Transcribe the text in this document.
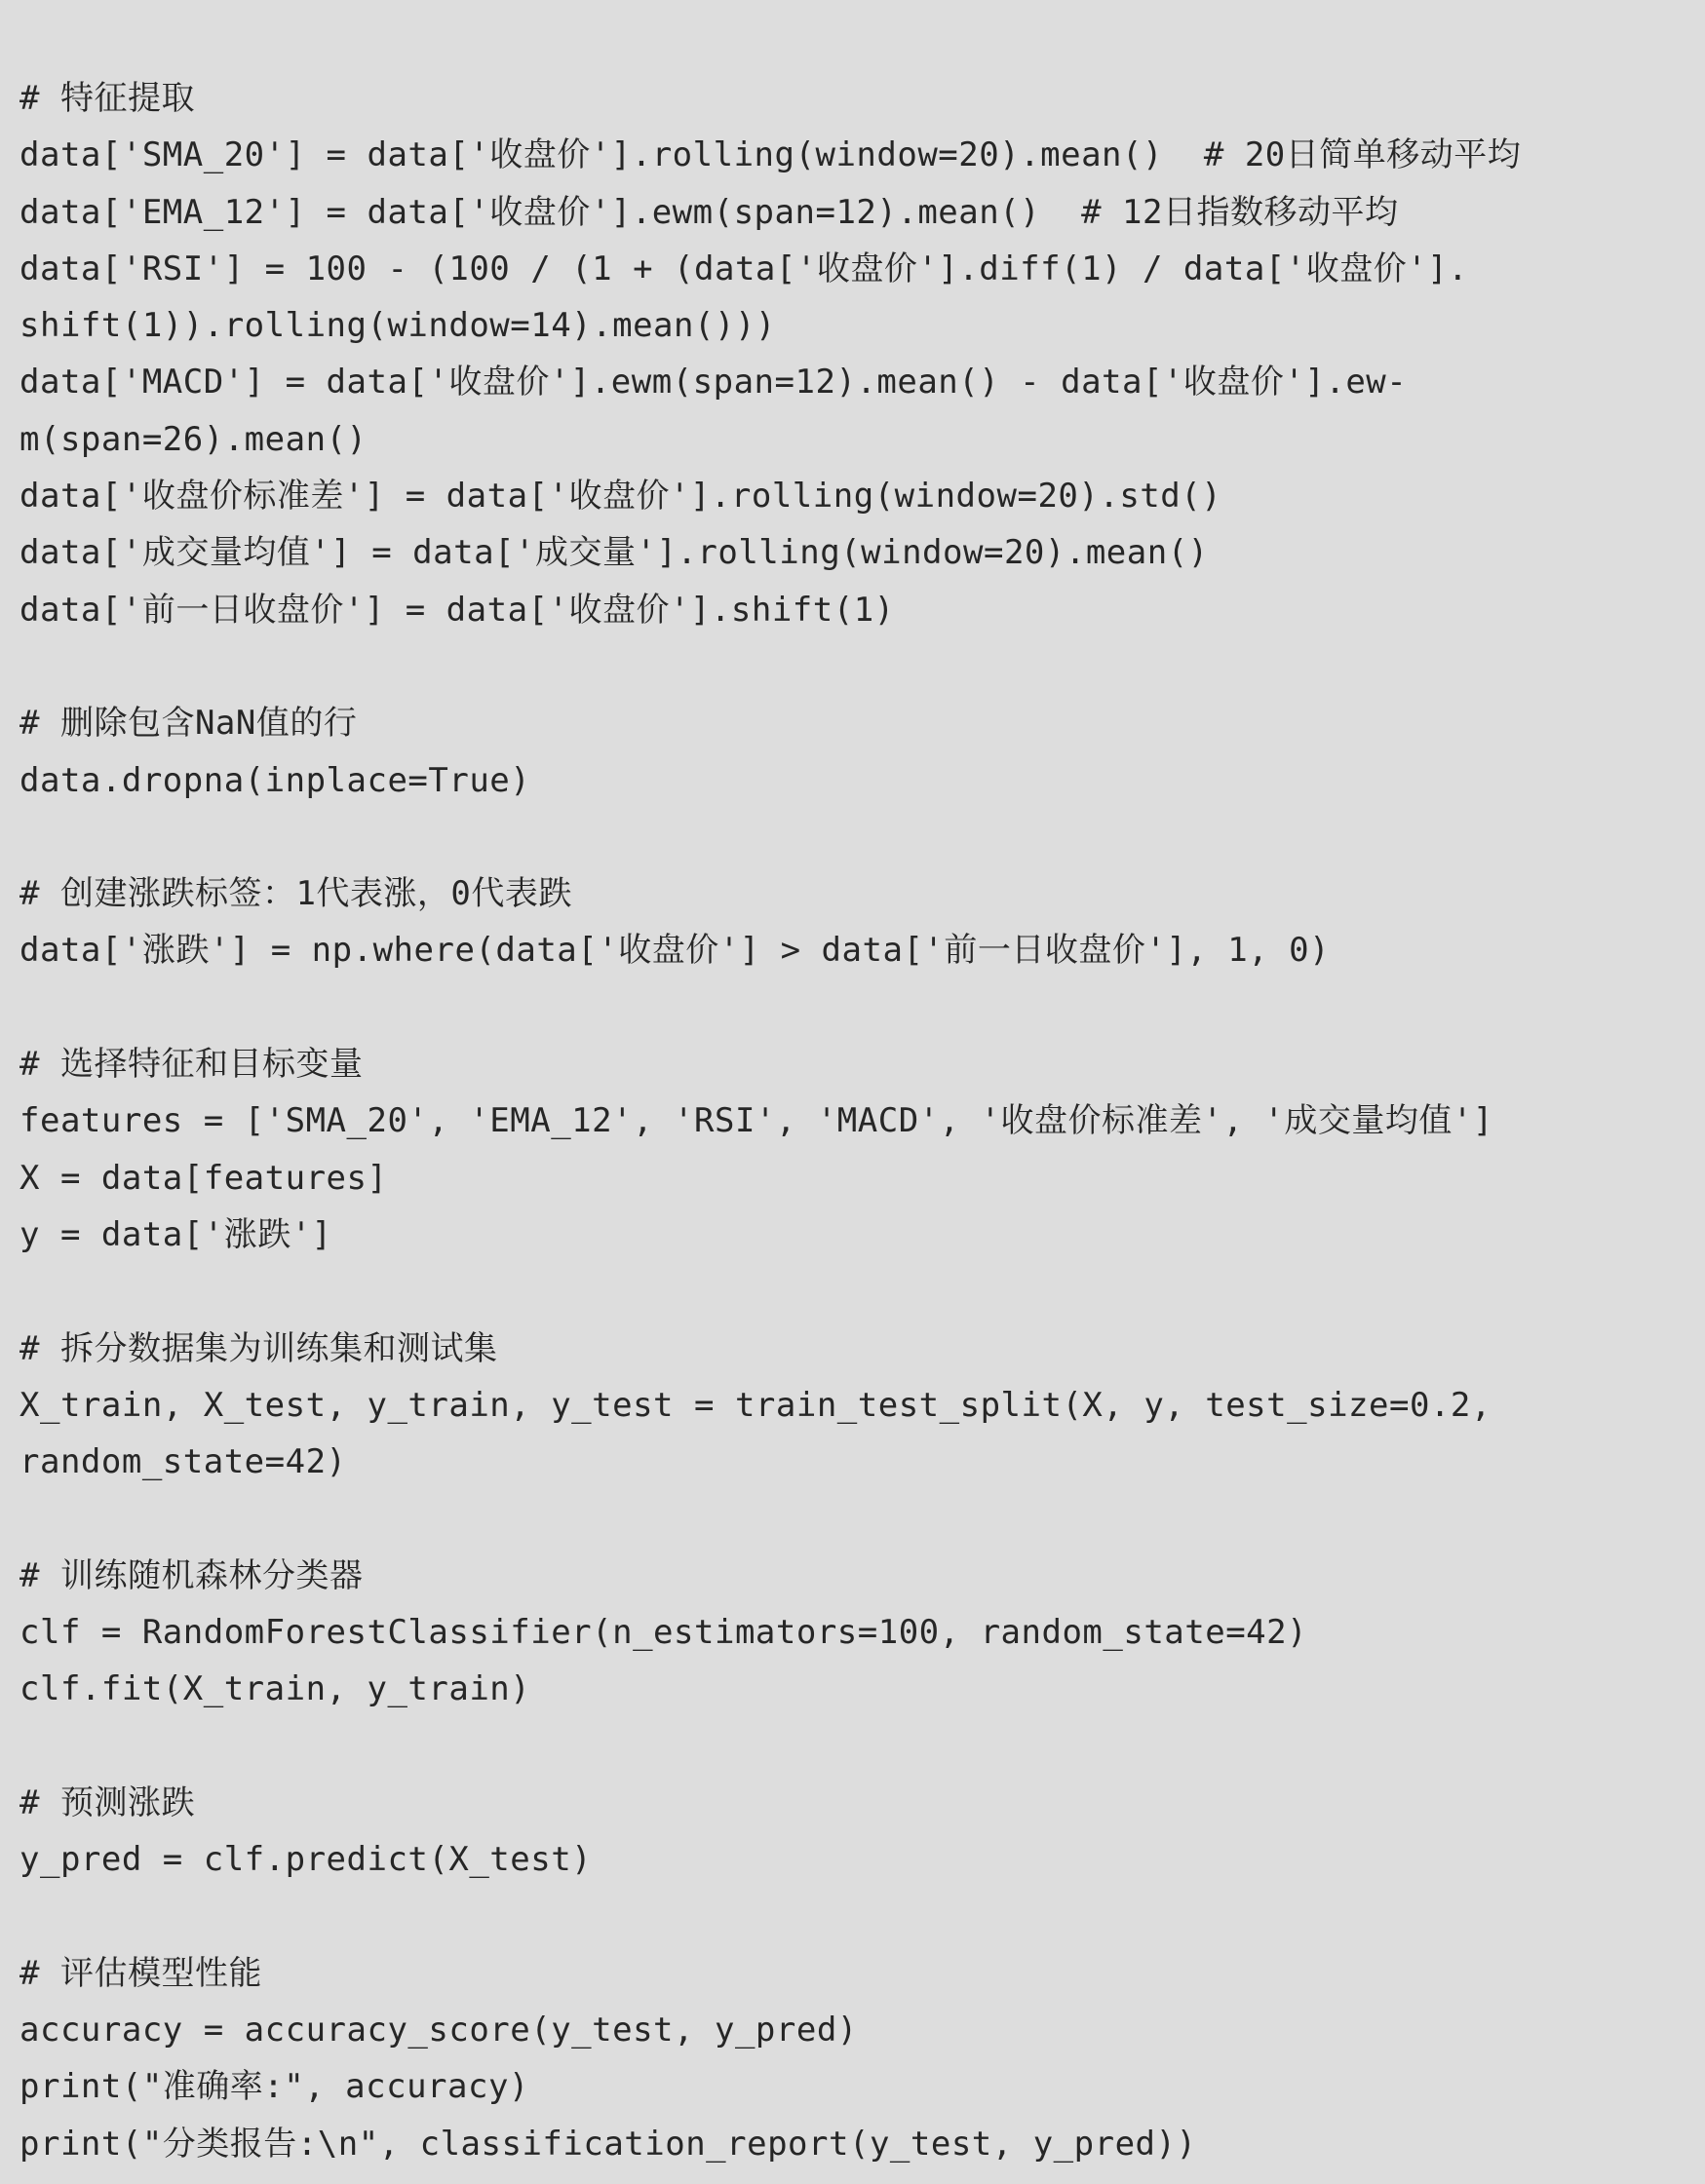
# 特征提取
data['SMA_20'] = data['收盘价'].rolling(window=20).mean()  # 20日简单移动平均
data['EMA_12'] = data['收盘价'].ewm(span=12).mean()  # 12日指数移动平均
data['RSI'] = 100 - (100 / (1 + (data['收盘价'].diff(1) / data['收盘价'].
shift(1)).rolling(window=14).mean()))
data['MACD'] = data['收盘价'].ewm(span=12).mean() - data['收盘价'].ew-
m(span=26).mean()
data['收盘价标准差'] = data['收盘价'].rolling(window=20).std()
data['成交量均值'] = data['成交量'].rolling(window=20).mean()
data['前一日收盘价'] = data['收盘价'].shift(1)
# 删除包含NaN值的行
data.dropna(inplace=True)
# 创建涨跌标签：1代表涨，0代表跌
data['涨跌'] = np.where(data['收盘价'] > data['前一日收盘价'], 1, 0)
# 选择特征和目标变量
features = ['SMA_20', 'EMA_12', 'RSI', 'MACD', '收盘价标准差', '成交量均值']
X = data[features]
y = data['涨跌']
# 拆分数据集为训练集和测试集
X_train, X_test, y_train, y_test = train_test_split(X, y, test_size=0.2,
random_state=42)
# 训练随机森林分类器
clf = RandomForestClassifier(n_estimators=100, random_state=42)
clf.fit(X_train, y_train)
# 预测涨跌
y_pred = clf.predict(X_test)
# 评估模型性能
accuracy = accuracy_score(y_test, y_pred)
print("准确率:", accuracy)
print("分类报告:\n", classification_report(y_test, y_pred))
